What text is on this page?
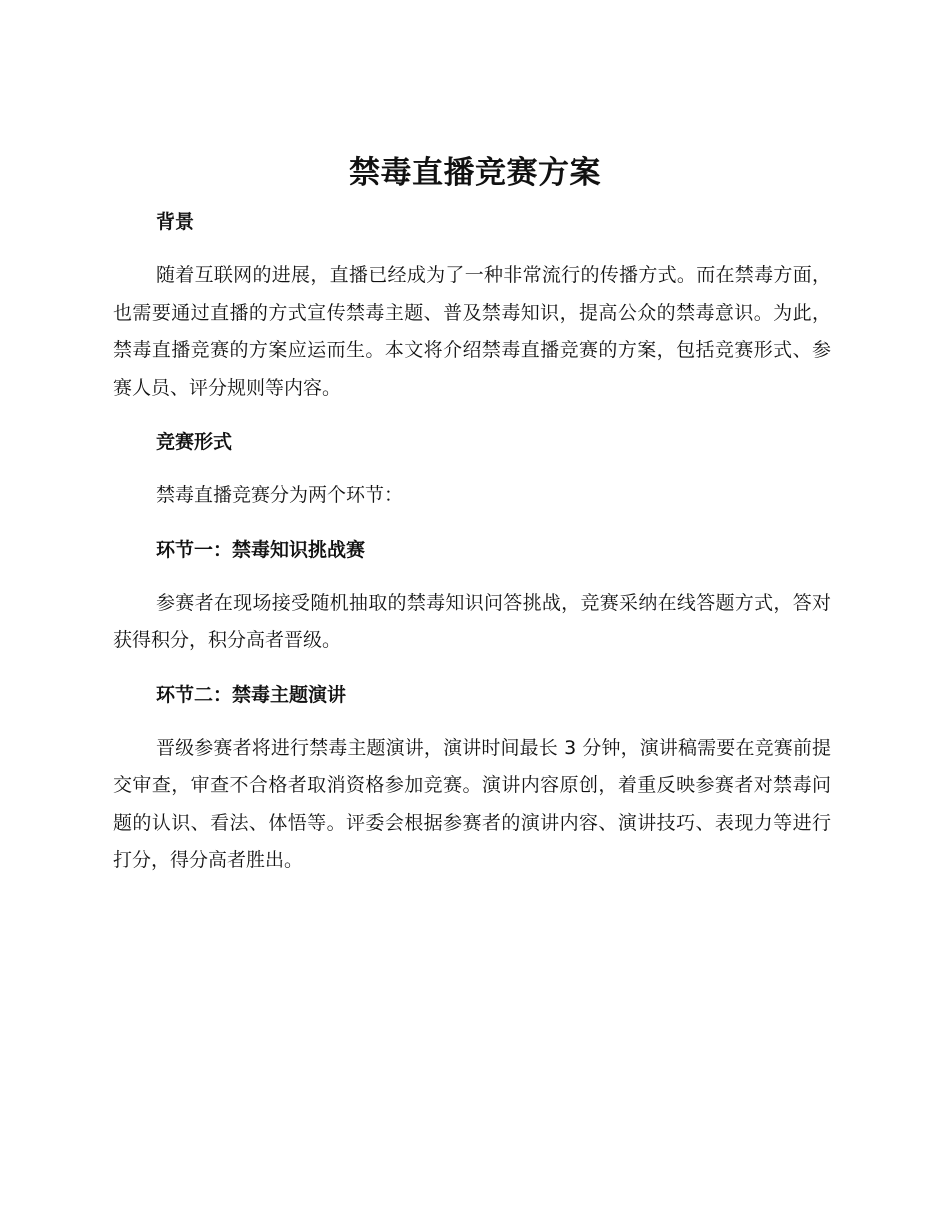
禁毒直播竞赛方案
背景

随着互联网的进展，直播已经成为了一种非常流行的传播方式。而在禁毒方面，也需要通过直播的方式宣传禁毒主题、普及禁毒知识，提高公众的禁毒意识。为此，禁毒直播竞赛的方案应运而生。本文将介绍禁毒直播竞赛的方案，包括竞赛形式、参赛人员、评分规则等内容。

竞赛形式

禁毒直播竞赛分为两个环节：

环节一：禁毒知识挑战赛

参赛者在现场接受随机抽取的禁毒知识问答挑战，竞赛采纳在线答题方式，答对获得积分，积分高者晋级。

环节二：禁毒主题演讲

晋级参赛者将进行禁毒主题演讲，演讲时间最长 3 分钟，演讲稿需要在竞赛前提交审查，审查不合格者取消资格参加竞赛。演讲内容原创，着重反映参赛者对禁毒问题的认识、看法、体悟等。评委会根据参赛者的演讲内容、演讲技巧、表现力等进行打分，得分高者胜出。
